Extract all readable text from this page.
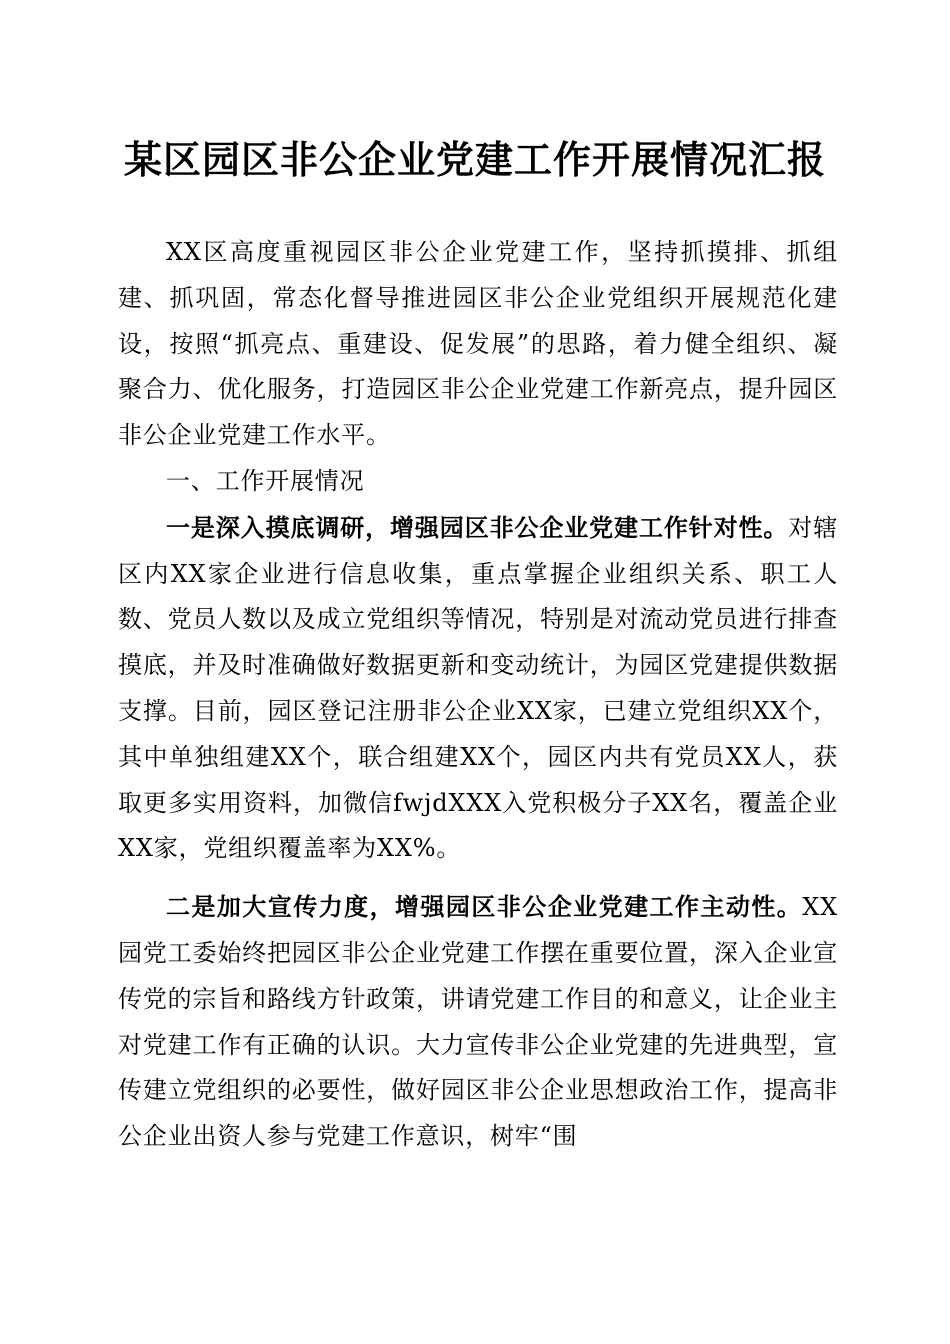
某区园区非公企业党建工作开展情况汇报

XX区高度重视园区非公企业党建工作，坚持抓摸排、抓组建、抓巩固，常态化督导推进园区非公企业党组织开展规范化建设，按照“抓亮点、重建设、促发展”的思路，着力健全组织、凝聚合力、优化服务，打造园区非公企业党建工作新亮点，提升园区非公企业党建工作水平。

一、工作开展情况

一是深入摸底调研，增强园区非公企业党建工作针对性。对辖区内XX家企业进行信息收集，重点掌握企业组织关系、职工人数、党员人数以及成立党组织等情况，特别是对流动党员进行排查摸底，并及时准确做好数据更新和变动统计，为园区党建提供数据支撑。目前，园区登记注册非公企业XX家，已建立党组织XX个，其中单独组建XX个，联合组建XX个，园区内共有党员XX人，获取更多实用资料，加微信fwjdXXX入党积极分子XX名，覆盖企业XX家，党组织覆盖率为XX%。

二是加大宣传力度，增强园区非公企业党建工作主动性。XX园党工委始终把园区非公企业党建工作摆在重要位置，深入企业宣传党的宗旨和路线方针政策，讲请党建工作目的和意义，让企业主对党建工作有正确的认识。大力宣传非公企业党建的先进典型，宣传建立党组织的必要性，做好园区非公企业思想政治工作，提高非公企业出资人参与党建工作意识，树牢“围
